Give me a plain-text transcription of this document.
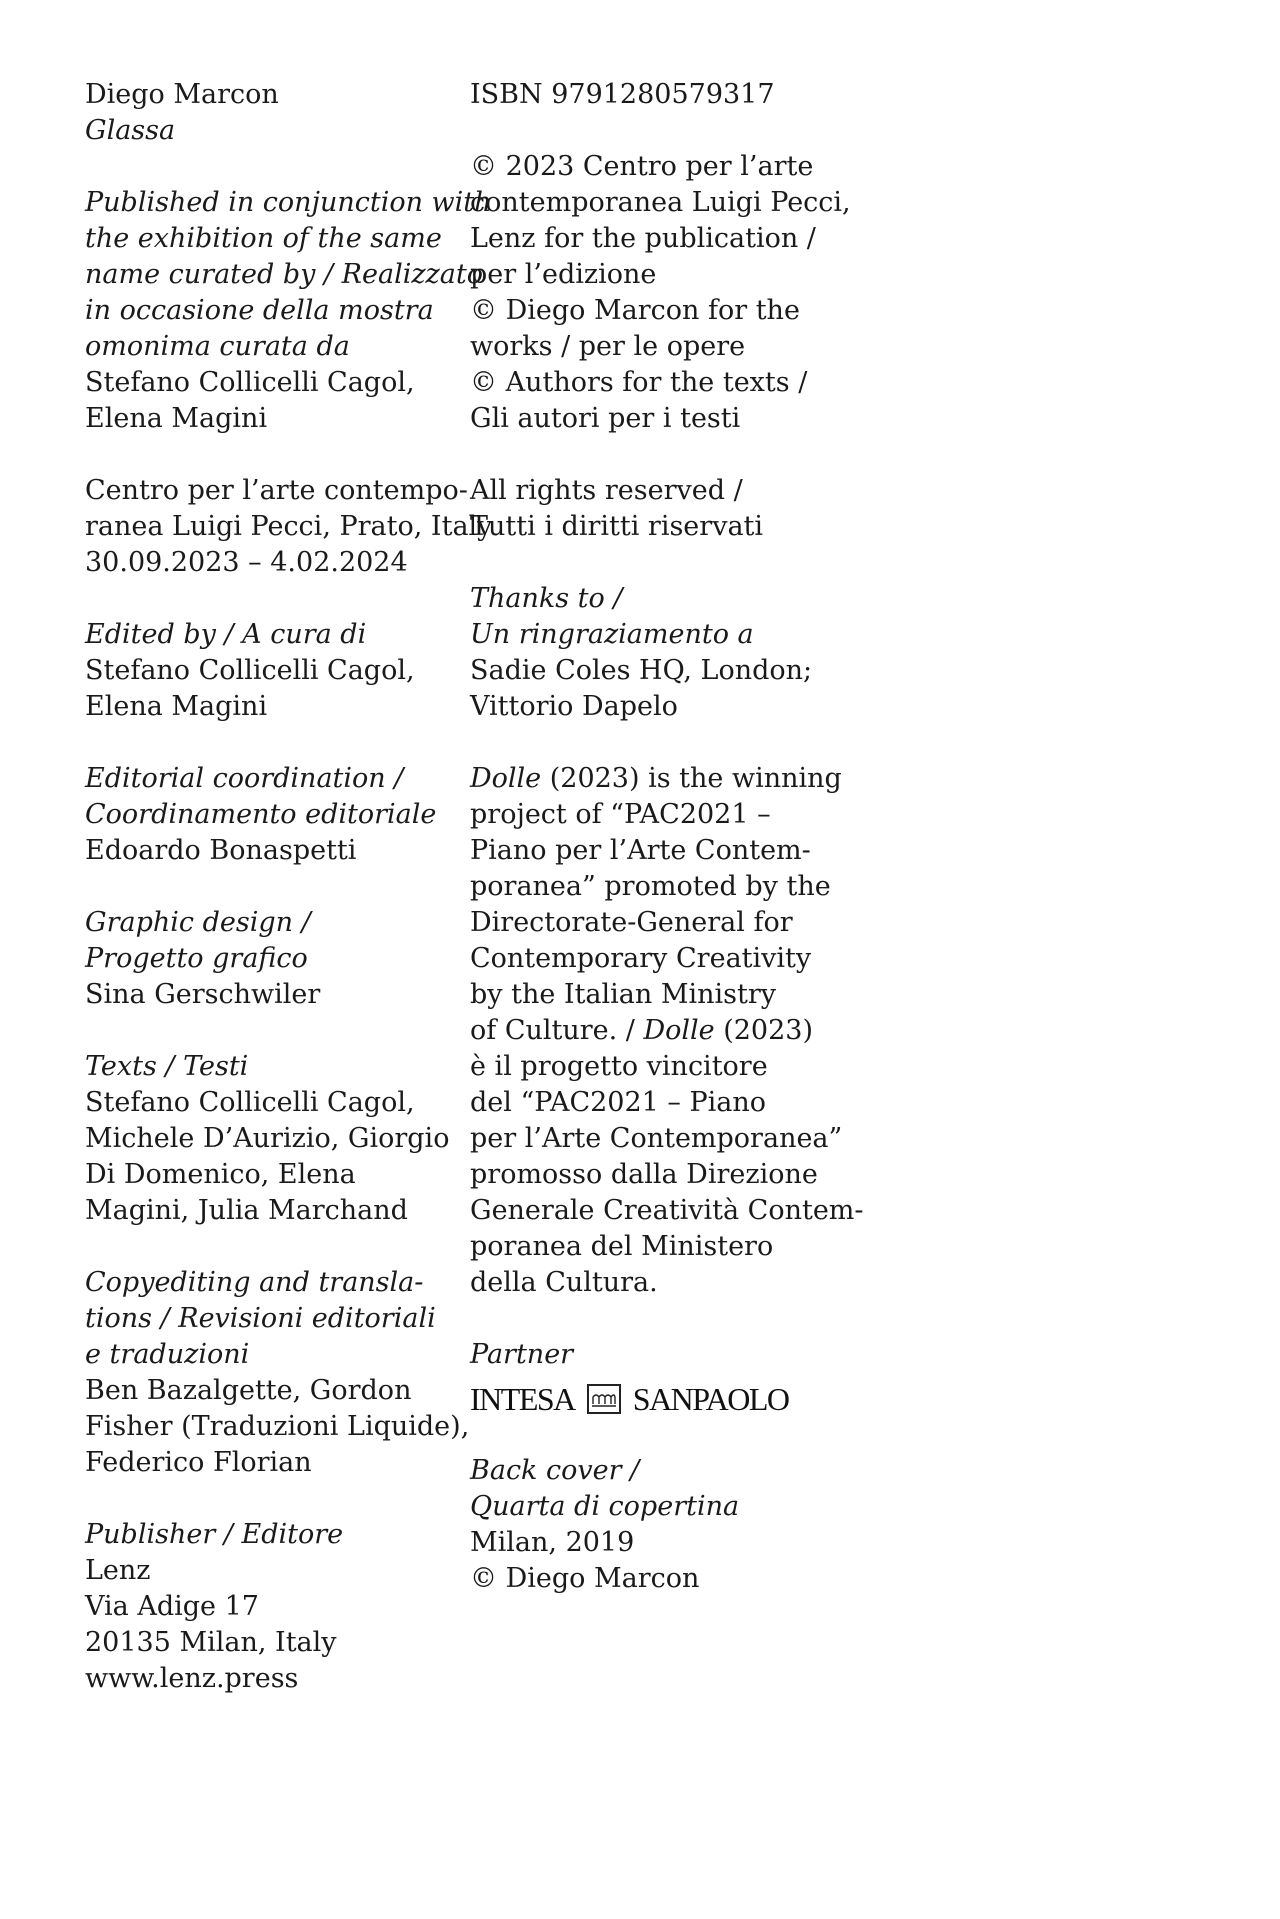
Diego Marcon
Glassa
Published in conjunction with
the exhibition of the same
name curated by / Realizzato
in occasione della mostra
omonima curata da
Stefano Collicelli Cagol,
Elena Magini
Centro per l’arte contempo-
ranea Luigi Pecci, Prato, Italy
30.09.2023 – 4.02.2024
Edited by / A cura di
Stefano Collicelli Cagol,
Elena Magini
Editorial coordination /
Coordinamento editoriale
Edoardo Bonaspetti
Graphic design /
Progetto grafico
Sina Gerschwiler
Texts / Testi
Stefano Collicelli Cagol,
Michele D’Aurizio, Giorgio
Di Domenico, Elena
Magini, Julia Marchand
Copyediting and transla-
tions / Revisioni editoriali
e traduzioni
Ben Bazalgette, Gordon
Fisher (Traduzioni Liquide),
Federico Florian
Publisher / Editore
Lenz
Via Adige 17
20135 Milan, Italy
www.lenz.press
ISBN 9791280579317
© 2023 Centro per l’arte
contemporanea Luigi Pecci,
Lenz for the publication /
per l’edizione
© Diego Marcon for the
works / per le opere
© Authors for the texts /
Gli autori per i testi
All rights reserved /
Tutti i diritti riservati
Thanks to /
Un ringraziamento a
Sadie Coles HQ, London;
Vittorio Dapelo
Dolle (2023) is the winning
project of “PAC2021 –
Piano per l’Arte Contem-
poranea” promoted by the
Directorate-General for
Contemporary Creativity
by the Italian Ministry
of Culture. / Dolle (2023)
è il progetto vincitore
del “PAC2021 – Piano
per l’Arte Contemporanea”
promosso dalla Direzione
Generale Creatività Contem-
poranea del Ministero
della Cultura.
Partner
INTESA SANPAOLO
Back cover /
Quarta di copertina
Milan, 2019
© Diego Marcon
